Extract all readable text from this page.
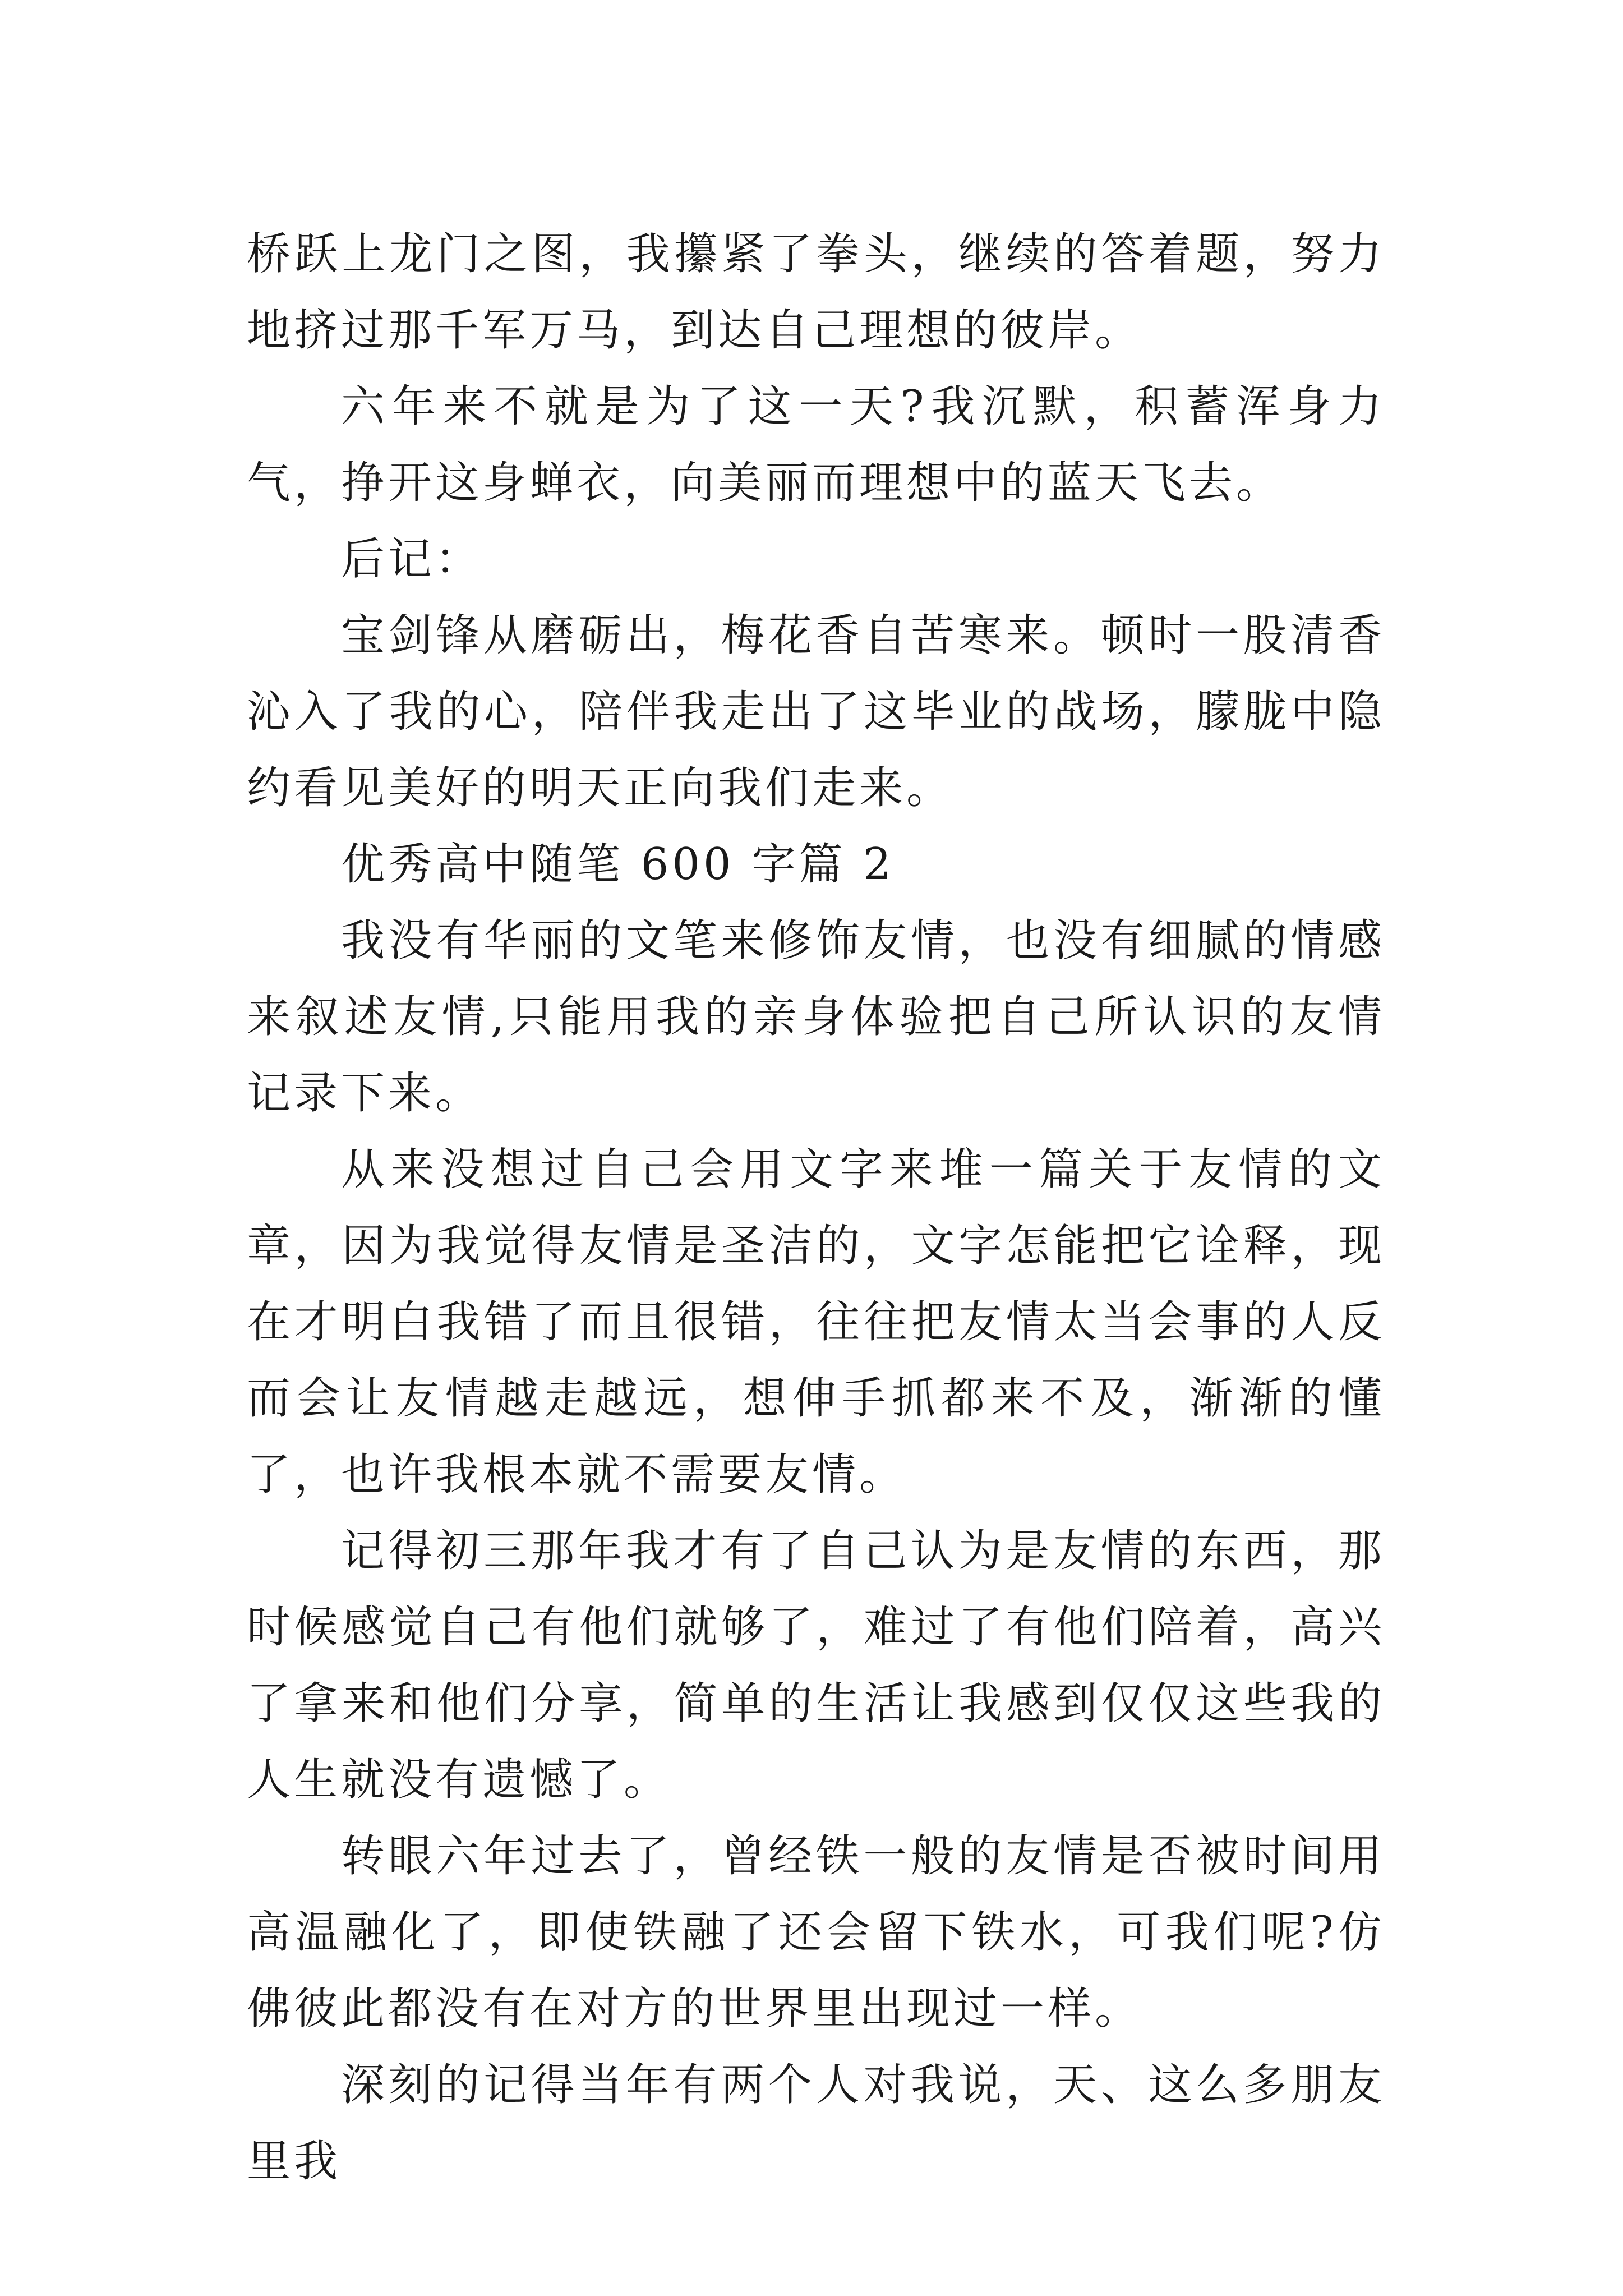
桥跃上龙门之图，我攥紧了拳头，继续的答着题，努力地挤过那千军万马，到达自己理想的彼岸。

六年来不就是为了这一天?我沉默，积蓄浑身力气，挣开这身蝉衣，向美丽而理想中的蓝天飞去。

后记：

宝剑锋从磨砺出，梅花香自苦寒来。顿时一股清香沁入了我的心，陪伴我走出了这毕业的战场，朦胧中隐约看见美好的明天正向我们走来。

优秀高中随笔 600 字篇 2

我没有华丽的文笔来修饰友情，也没有细腻的情感来叙述友情,只能用我的亲身体验把自己所认识的友情记录下来。

从来没想过自己会用文字来堆一篇关于友情的文章，因为我觉得友情是圣洁的，文字怎能把它诠释，现在才明白我错了而且很错，往往把友情太当会事的人反而会让友情越走越远，想伸手抓都来不及，渐渐的懂了，也许我根本就不需要友情。

记得初三那年我才有了自己认为是友情的东西，那时候感觉自己有他们就够了，难过了有他们陪着，高兴了拿来和他们分享，简单的生活让我感到仅仅这些我的人生就没有遗憾了。

转眼六年过去了，曾经铁一般的友情是否被时间用高温融化了，即使铁融了还会留下铁水，可我们呢?仿佛彼此都没有在对方的世界里出现过一样。

深刻的记得当年有两个人对我说，天、这么多朋友里我
